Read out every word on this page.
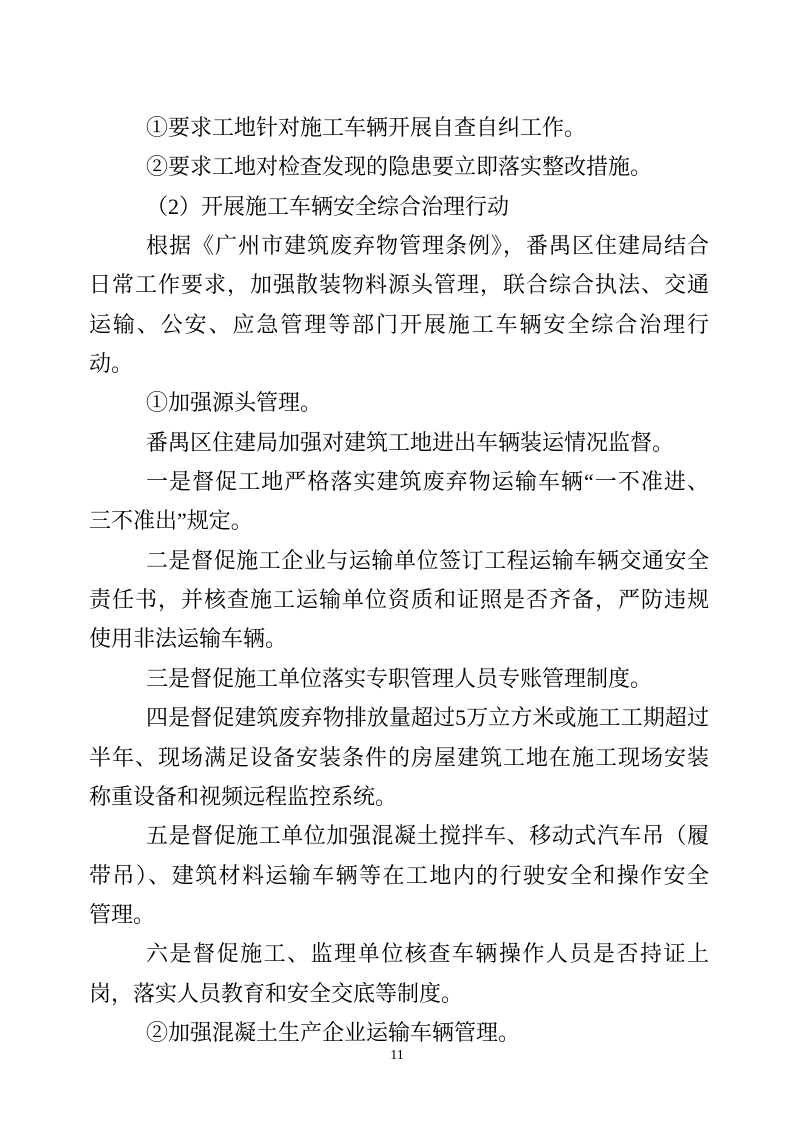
①要求工地针对施工车辆开展自查自纠工作。
②要求工地对检查发现的隐患要立即落实整改措施。
（2）开展施工车辆安全综合治理行动
根据《广州市建筑废弃物管理条例》，番禺区住建局结合
日常工作要求，加强散装物料源头管理，联合综合执法、交通
运输、公安、应急管理等部门开展施工车辆安全综合治理行
动。
①加强源头管理。
番禺区住建局加强对建筑工地进出车辆装运情况监督。
一是督促工地严格落实建筑废弃物运输车辆“一不准进、
三不准出”规定。
二是督促施工企业与运输单位签订工程运输车辆交通安全
责任书，并核查施工运输单位资质和证照是否齐备，严防违规
使用非法运输车辆。
三是督促施工单位落实专职管理人员专账管理制度。
四是督促建筑废弃物排放量超过5万立方米或施工工期超过
半年、现场满足设备安装条件的房屋建筑工地在施工现场安装
称重设备和视频远程监控系统。
五是督促施工单位加强混凝土搅拌车、移动式汽车吊（履
带吊）、建筑材料运输车辆等在工地内的行驶安全和操作安全
管理。
六是督促施工、监理单位核查车辆操作人员是否持证上
岗，落实人员教育和安全交底等制度。
②加强混凝土生产企业运输车辆管理。
11
